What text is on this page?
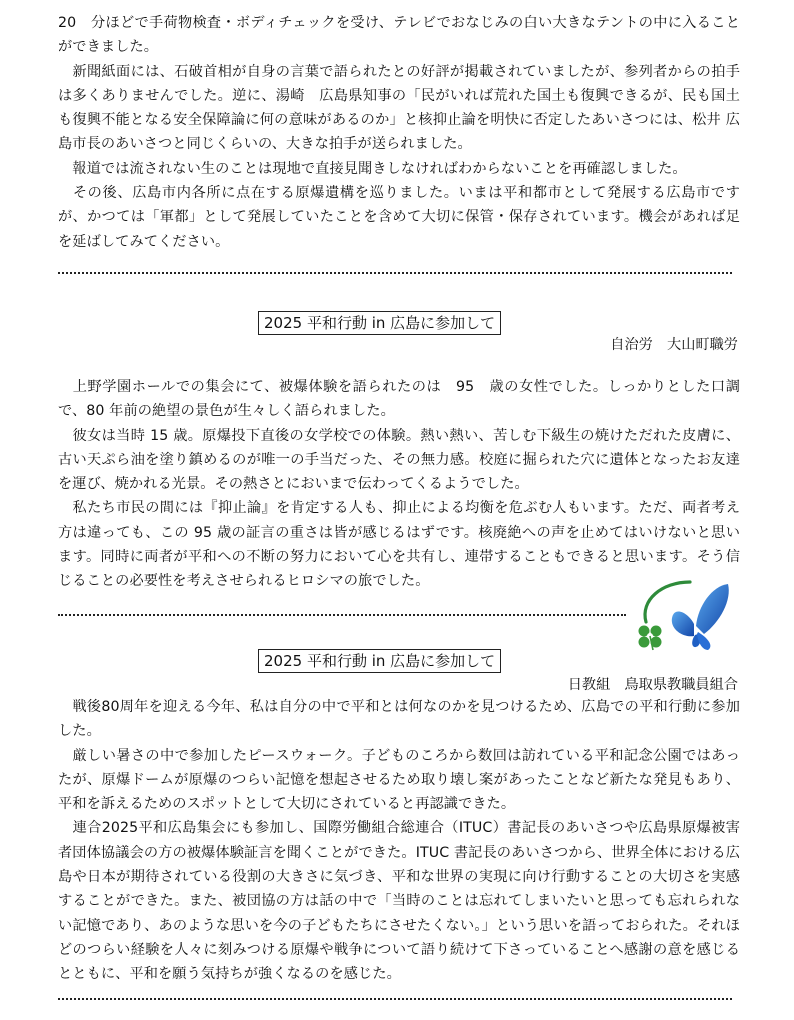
20　分ほどで手荷物検査・ボディチェックを受け、テレビでおなじみの白い大きなテントの中に入ることができました。

　新聞紙面には、石破首相が自身の言葉で語られたとの好評が掲載されていましたが、参列者からの拍手は多くありませんでした。逆に、湯崎　広島県知事の「民がいれば荒れた国土も復興できるが、民も国土も復興不能となる安全保障論に何の意味があるのか」と核抑止論を明快に否定したあいさつには、松井 広島市長のあいさつと同じくらいの、大きな拍手が送られました。

　報道では流されない生のことは現地で直接見聞きしなければわからないことを再確認しました。

　その後、広島市内各所に点在する原爆遺構を巡りました。いまは平和都市として発展する広島市ですが、かつては「軍都」として発展していたことを含めて大切に保管・保存されています。機会があれば足を延ばしてみてください。

2025 平和行動 in 広島に参加して
自治労　大山町職労

　上野学園ホールでの集会にて、被爆体験を語られたのは　95　歳の女性でした。しっかりとした口調で、80 年前の絶望の景色が生々しく語られました。

　彼女は当時 15 歳。原爆投下直後の女学校での体験。熱い熱い、苦しむ下級生の焼けただれた皮膚に、古い天ぷら油を塗り鎮めるのが唯一の手当だった、その無力感。校庭に掘られた穴に遺体となったお友達を運び、焼かれる光景。その熱さとにおいまで伝わってくるようでした。

　私たち市民の間には『抑止論』を肯定する人も、抑止による均衡を危ぶむ人もいます。ただ、両者考え方は違っても、この 95 歳の証言の重さは皆が感じるはずです。核廃絶への声を止めてはいけないと思います。同時に両者が平和への不断の努力において心を共有し、連帯することもできると思います。そう信じることの必要性を考えさせられるヒロシマの旅でした。

2025 平和行動 in 広島に参加して
日教組　鳥取県教職員組合

　戦後80周年を迎える今年、私は自分の中で平和とは何なのかを見つけるため、広島での平和行動に参加した。

　厳しい暑さの中で参加したピースウォーク。子どものころから数回は訪れている平和記念公園ではあったが、原爆ドームが原爆のつらい記憶を想起させるため取り壊し案があったことなど新たな発見もあり、平和を訴えるためのスポットとして大切にされていると再認識できた。

　連合2025平和広島集会にも参加し、国際労働組合総連合（ITUC）書記長のあいさつや広島県原爆被害者団体協議会の方の被爆体験証言を聞くことができた。ITUC 書記長のあいさつから、世界全体における広島や日本が期待されている役割の大きさに気づき、平和な世界の実現に向け行動することの大切さを実感することができた。また、被団協の方は話の中で「当時のことは忘れてしまいたいと思っても忘れられない記憶であり、あのような思いを今の子どもたちにさせたくない。」という思いを語っておられた。それほどのつらい経験を人々に刻みつける原爆や戦争について語り続けて下さっていることへ感謝の意を感じるとともに、平和を願う気持ちが強くなるのを感じた。
